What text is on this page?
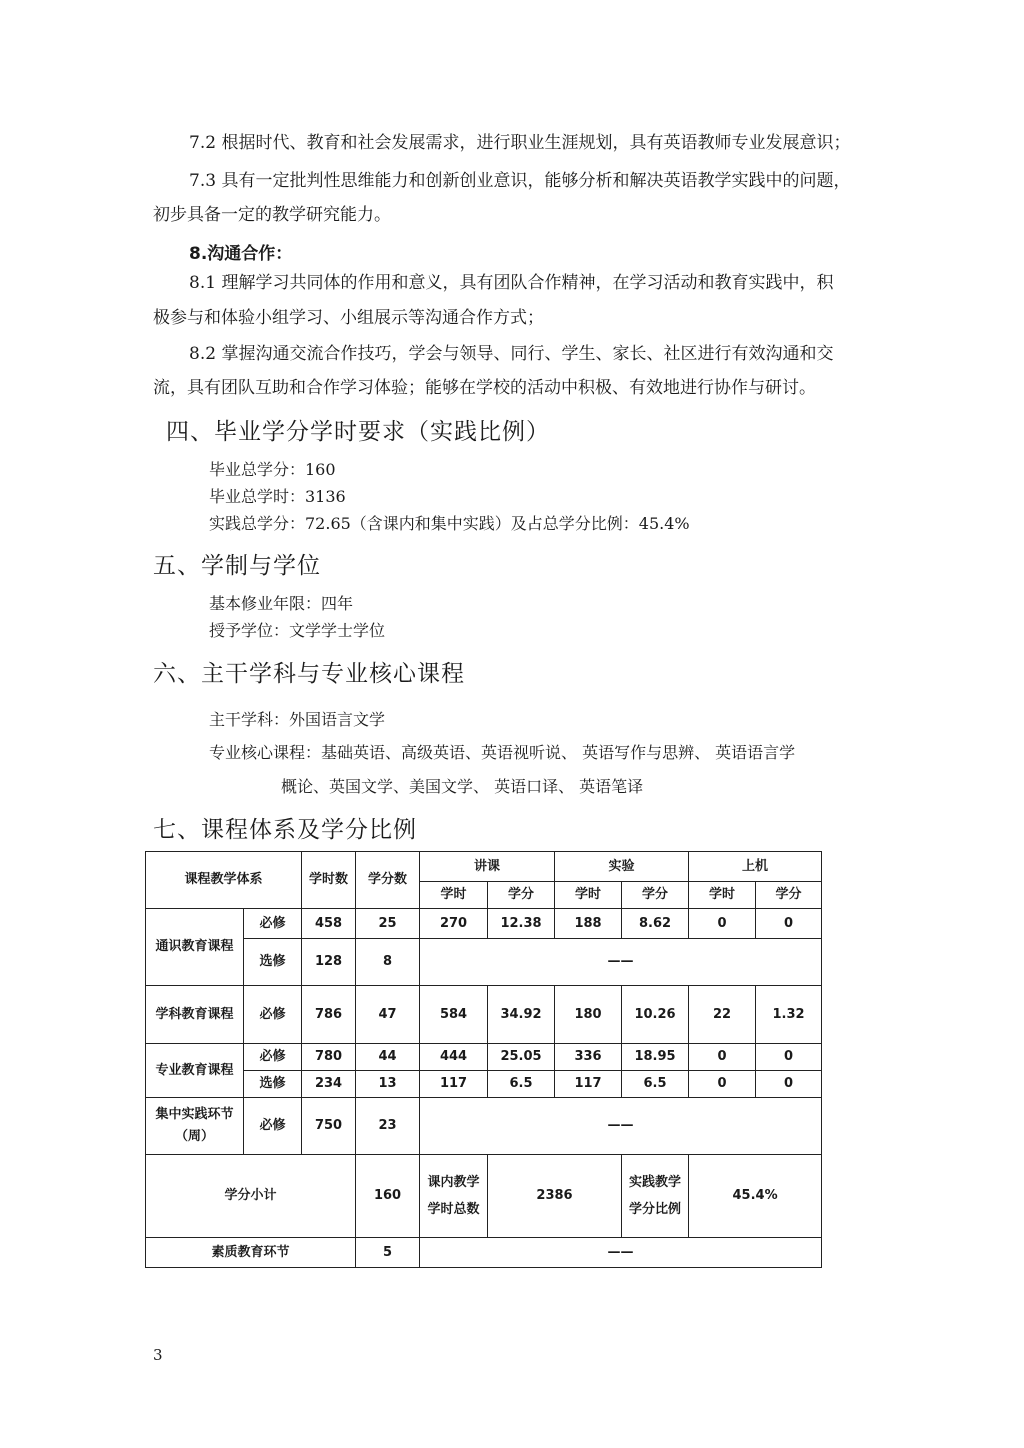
7.2 根据时代、教育和社会发展需求，进行职业生涯规划，具有英语教师专业发展意识；
7.3 具有一定批判性思维能力和创新创业意识，能够分析和解决英语教学实践中的问题，
初步具备一定的教学研究能力。
8.沟通合作：
8.1 理解学习共同体的作用和意义，具有团队合作精神，在学习活动和教育实践中，积
极参与和体验小组学习、小组展示等沟通合作方式；
8.2 掌握沟通交流合作技巧，学会与领导、同行、学生、家长、社区进行有效沟通和交
流，具有团队互助和合作学习体验；能够在学校的活动中积极、有效地进行协作与研讨。
四、毕业学分学时要求（实践比例）
毕业总学分：160
毕业总学时：3136
实践总学分：72.65（含课内和集中实践）及占总学分比例：45.4%
五、学制与学位
基本修业年限：四年
授予学位：文学学士学位
六、主干学科与专业核心课程
主干学科：外国语言文学
专业核心课程：基础英语、高级英语、英语视听说、 英语写作与思辨、 英语语言学
概论、英国文学、美国文学、 英语口译、 英语笔译
七、课程体系及学分比例
课程教学体系		学时数	学分数	讲课		实验		上机	
				学时	学分	学时	学分	学时	学分
通识教育课程	必修	458	25	270	12.38	188	8.62	0	0
	选修	128	8	——					
学科教育课程	必修	786	47	584	34.92	180	10.26	22	1.32
专业教育课程	必修	780	44	444	25.05	336	18.95	0	0
	选修	234	13	117	6.5	117	6.5	0	0
集中实践环节（周）	必修	750	23	——					
学分小计			160	课内教学学时总数	2386		实践教学学分比例	45.4%	
素质教育环节			5	——					
3
